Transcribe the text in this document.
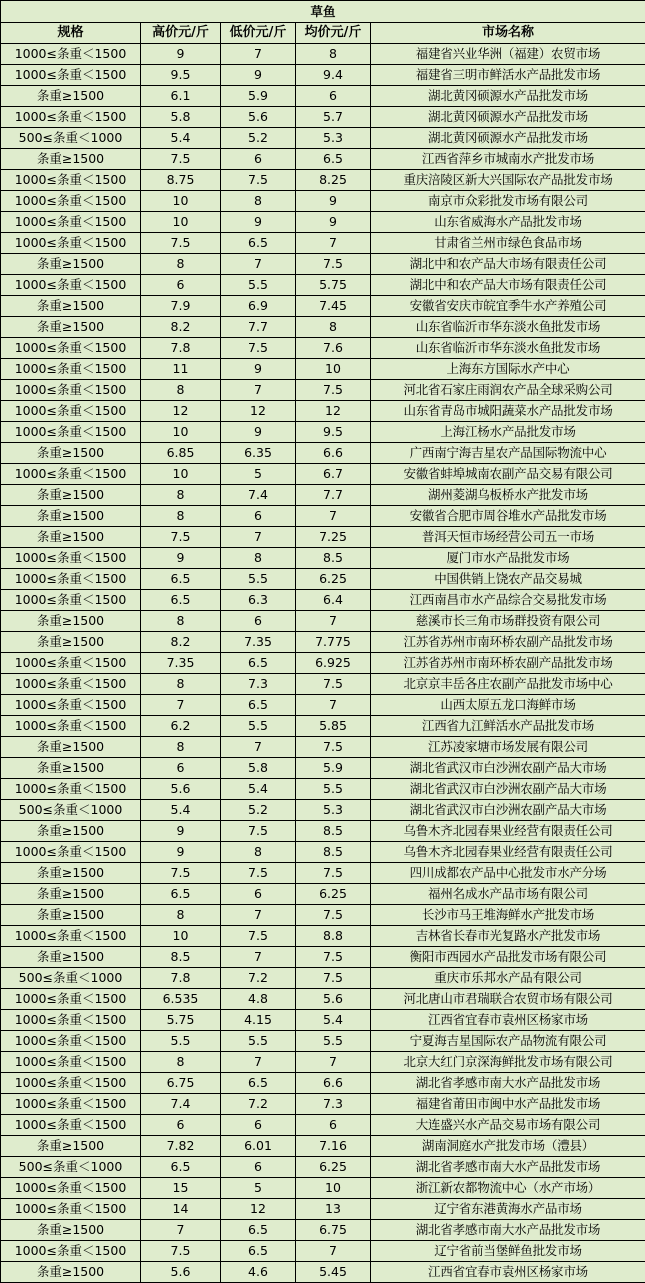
草鱼				
规格	高价元/斤	低价元/斤	均价元/斤	市场名称
1000≤条重＜1500	9	7	8	福建省兴业华洲（福建）农贸市场
1000≤条重＜1500	9.5	9	9.4	福建省三明市鲜活水产品批发市场
条重≥1500	6.1	5.9	6	湖北黄冈硕源水产品批发市场
1000≤条重＜1500	5.8	5.6	5.7	湖北黄冈硕源水产品批发市场
500≤条重＜1000	5.4	5.2	5.3	湖北黄冈硕源水产品批发市场
条重≥1500	7.5	6	6.5	江西省萍乡市城南水产批发市场
1000≤条重＜1500	8.75	7.5	8.25	重庆涪陵区新大兴国际农产品批发市场
1000≤条重＜1500	10	8	9	南京市众彩批发市场有限公司
1000≤条重＜1500	10	9	9	山东省威海水产品批发市场
1000≤条重＜1500	7.5	6.5	7	甘肃省兰州市绿色食品市场
条重≥1500	8	7	7.5	湖北中和农产品大市场有限责任公司
1000≤条重＜1500	6	5.5	5.75	湖北中和农产品大市场有限责任公司
条重≥1500	7.9	6.9	7.45	安徽省安庆市皖宜季牛水产养殖公司
条重≥1500	8.2	7.7	8	山东省临沂市华东淡水鱼批发市场
1000≤条重＜1500	7.8	7.5	7.6	山东省临沂市华东淡水鱼批发市场
1000≤条重＜1500	11	9	10	上海东方国际水产中心
1000≤条重＜1500	8	7	7.5	河北省石家庄雨润农产品全球采购公司
1000≤条重＜1500	12	12	12	山东省青岛市城阳蔬菜水产品批发市场
1000≤条重＜1500	10	9	9.5	上海江杨水产品批发市场
条重≥1500	6.85	6.35	6.6	广西南宁海吉星农产品国际物流中心
1000≤条重＜1500	10	5	6.7	安徽省蚌埠城南农副产品交易有限公司
条重≥1500	8	7.4	7.7	湖州菱湖乌板桥水产批发市场
条重≥1500	8	6	7	安徽省合肥市周谷堆水产品批发市场
条重≥1500	7.5	7	7.25	普洱天恒市场经营公司五一市场
1000≤条重＜1500	9	8	8.5	厦门市水产品批发市场
1000≤条重＜1500	6.5	5.5	6.25	中国供销上饶农产品交易城
1000≤条重＜1500	6.5	6.3	6.4	江西南昌市水产品综合交易批发市场
条重≥1500	8	6	7	慈溪市长三角市场群投资有限公司
条重≥1500	8.2	7.35	7.775	江苏省苏州市南环桥农副产品批发市场
1000≤条重＜1500	7.35	6.5	6.925	江苏省苏州市南环桥农副产品批发市场
1000≤条重＜1500	8	7.3	7.5	北京京丰岳各庄农副产品批发市场中心
1000≤条重＜1500	7	6.5	7	山西太原五龙口海鲜市场
1000≤条重＜1500	6.2	5.5	5.85	江西省九江鲜活水产品批发市场
条重≥1500	8	7	7.5	江苏凌家塘市场发展有限公司
条重≥1500	6	5.8	5.9	湖北省武汉市白沙洲农副产品大市场
1000≤条重＜1500	5.6	5.4	5.5	湖北省武汉市白沙洲农副产品大市场
500≤条重＜1000	5.4	5.2	5.3	湖北省武汉市白沙洲农副产品大市场
条重≥1500	9	7.5	8.5	乌鲁木齐北园春果业经营有限责任公司
1000≤条重＜1500	9	8	8.5	乌鲁木齐北园春果业经营有限责任公司
条重≥1500	7.5	7.5	7.5	四川成都农产品中心批发市水产分场
条重≥1500	6.5	6	6.25	福州名成水产品市场有限公司
条重≥1500	8	7	7.5	长沙市马王堆海鲜水产批发市场
1000≤条重＜1500	10	7.5	8.8	吉林省长春市光复路水产批发市场
条重≥1500	8.5	7	7.5	衡阳市西园水产品批发市场有限公司
500≤条重＜1000	7.8	7.2	7.5	重庆市乐邦水产品有限公司
1000≤条重＜1500	6.535	4.8	5.6	河北唐山市君瑞联合农贸市场有限公司
1000≤条重＜1500	5.75	4.15	5.4	江西省宜春市袁州区杨家市场
1000≤条重＜1500	5.5	5.5	5.5	宁夏海吉星国际农产品物流有限公司
1000≤条重＜1500	8	7	7	北京大红门京深海鲜批发市场有限公司
1000≤条重＜1500	6.75	6.5	6.6	湖北省孝感市南大水产品批发市场
1000≤条重＜1500	7.4	7.2	7.3	福建省莆田市闽中水产品批发市场
1000≤条重＜1500	6	6	6	大连盛兴水产品交易市场有限公司
条重≥1500	7.82	6.01	7.16	湖南洞庭水产批发市场（澧县）
500≤条重＜1000	6.5	6	6.25	湖北省孝感市南大水产品批发市场
1000≤条重＜1500	15	5	10	浙江新农都物流中心（水产市场）
1000≤条重＜1500	14	12	13	辽宁省东港黄海水产品市场
条重≥1500	7	6.5	6.75	湖北省孝感市南大水产品批发市场
1000≤条重＜1500	7.5	6.5	7	辽宁省前当堡鲜鱼批发市场
条重≥1500	5.6	4.6	5.45	江西省宜春市袁州区杨家市场
